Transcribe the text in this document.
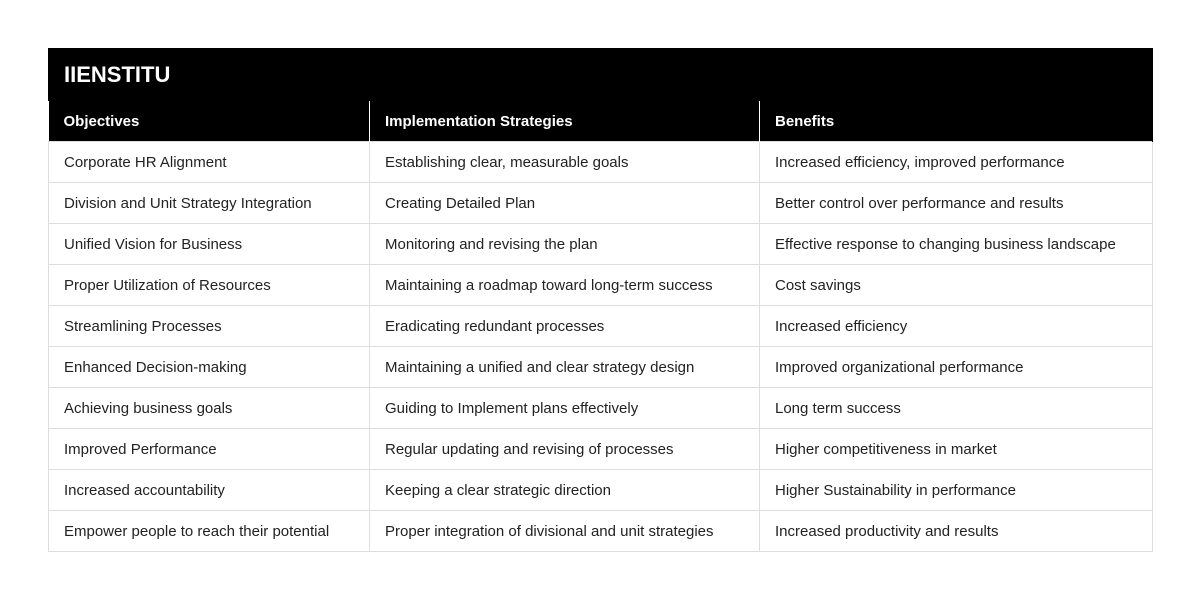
IIENSTITU		
Objectives	Implementation Strategies	Benefits
Corporate HR Alignment	Establishing clear, measurable goals	Increased efficiency, improved performance
Division and Unit Strategy Integration	Creating Detailed Plan	Better control over performance and results
Unified Vision for Business	Monitoring and revising the plan	Effective response to changing business landscape
Proper Utilization of Resources	Maintaining a roadmap toward long-term success	Cost savings
Streamlining Processes	Eradicating redundant processes	Increased efficiency
Enhanced Decision-making	Maintaining a unified and clear strategy design	Improved organizational performance
Achieving business goals	Guiding to Implement plans effectively	Long term success
Improved Performance	Regular updating and revising of processes	Higher competitiveness in market
Increased accountability	Keeping a clear strategic direction	Higher Sustainability in performance
Empower people to reach their potential	Proper integration of divisional and unit strategies	Increased productivity and results
